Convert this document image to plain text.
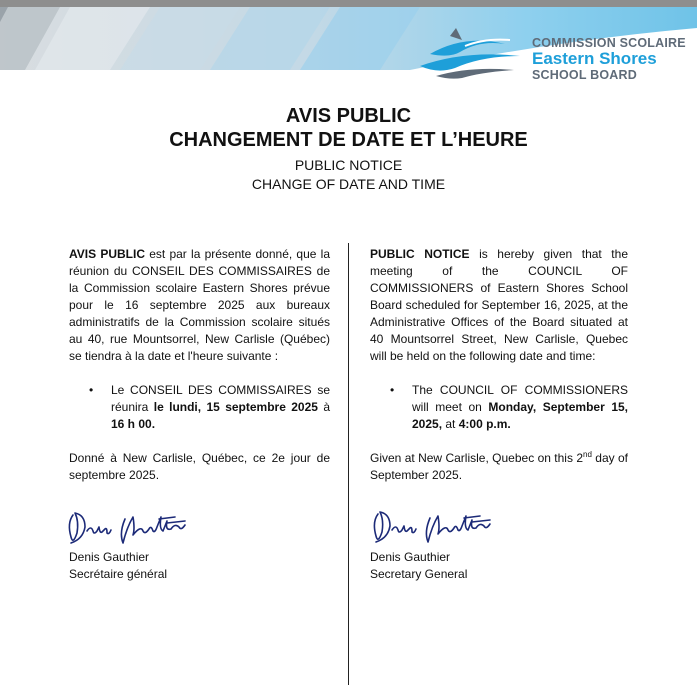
COMMISSION SCOLAIRE
Eastern Shores
SCHOOL BOARD
AVIS PUBLIC
CHANGEMENT DE DATE ET L’HEURE
PUBLIC NOTICE
CHANGE OF DATE AND TIME

AVIS PUBLIC est par la présente donné, que la réunion du CONSEIL DES COMMISSAIRES de la Commission scolaire Eastern Shores prévue pour le 16 septembre 2025 aux bureaux administratifs de la Commission scolaire situés au 40, rue Mountsorrel, New Carlisle (Québec) se tiendra à la date et l'heure suivante :

• Le CONSEIL DES COMMISSAIRES se réunira le lundi, 15 septembre 2025 à 16 h 00.

Donné à New Carlisle, Québec, ce 2e jour de septembre 2025.

PUBLIC NOTICE is hereby given that the meeting of the COUNCIL OF COMMISSIONERS of Eastern Shores School Board scheduled for September 16, 2025, at the Administrative Offices of the Board situated at 40 Mountsorrel Street, New Carlisle, Quebec will be held on the following date and time:

• The COUNCIL OF COMMISSIONERS will meet on Monday, September 15, 2025, at 4:00 p.m.

Given at New Carlisle, Quebec on this 2nd day of September 2025.

Denis Gauthier
Secrétaire général
Denis Gauthier
Secretary General
